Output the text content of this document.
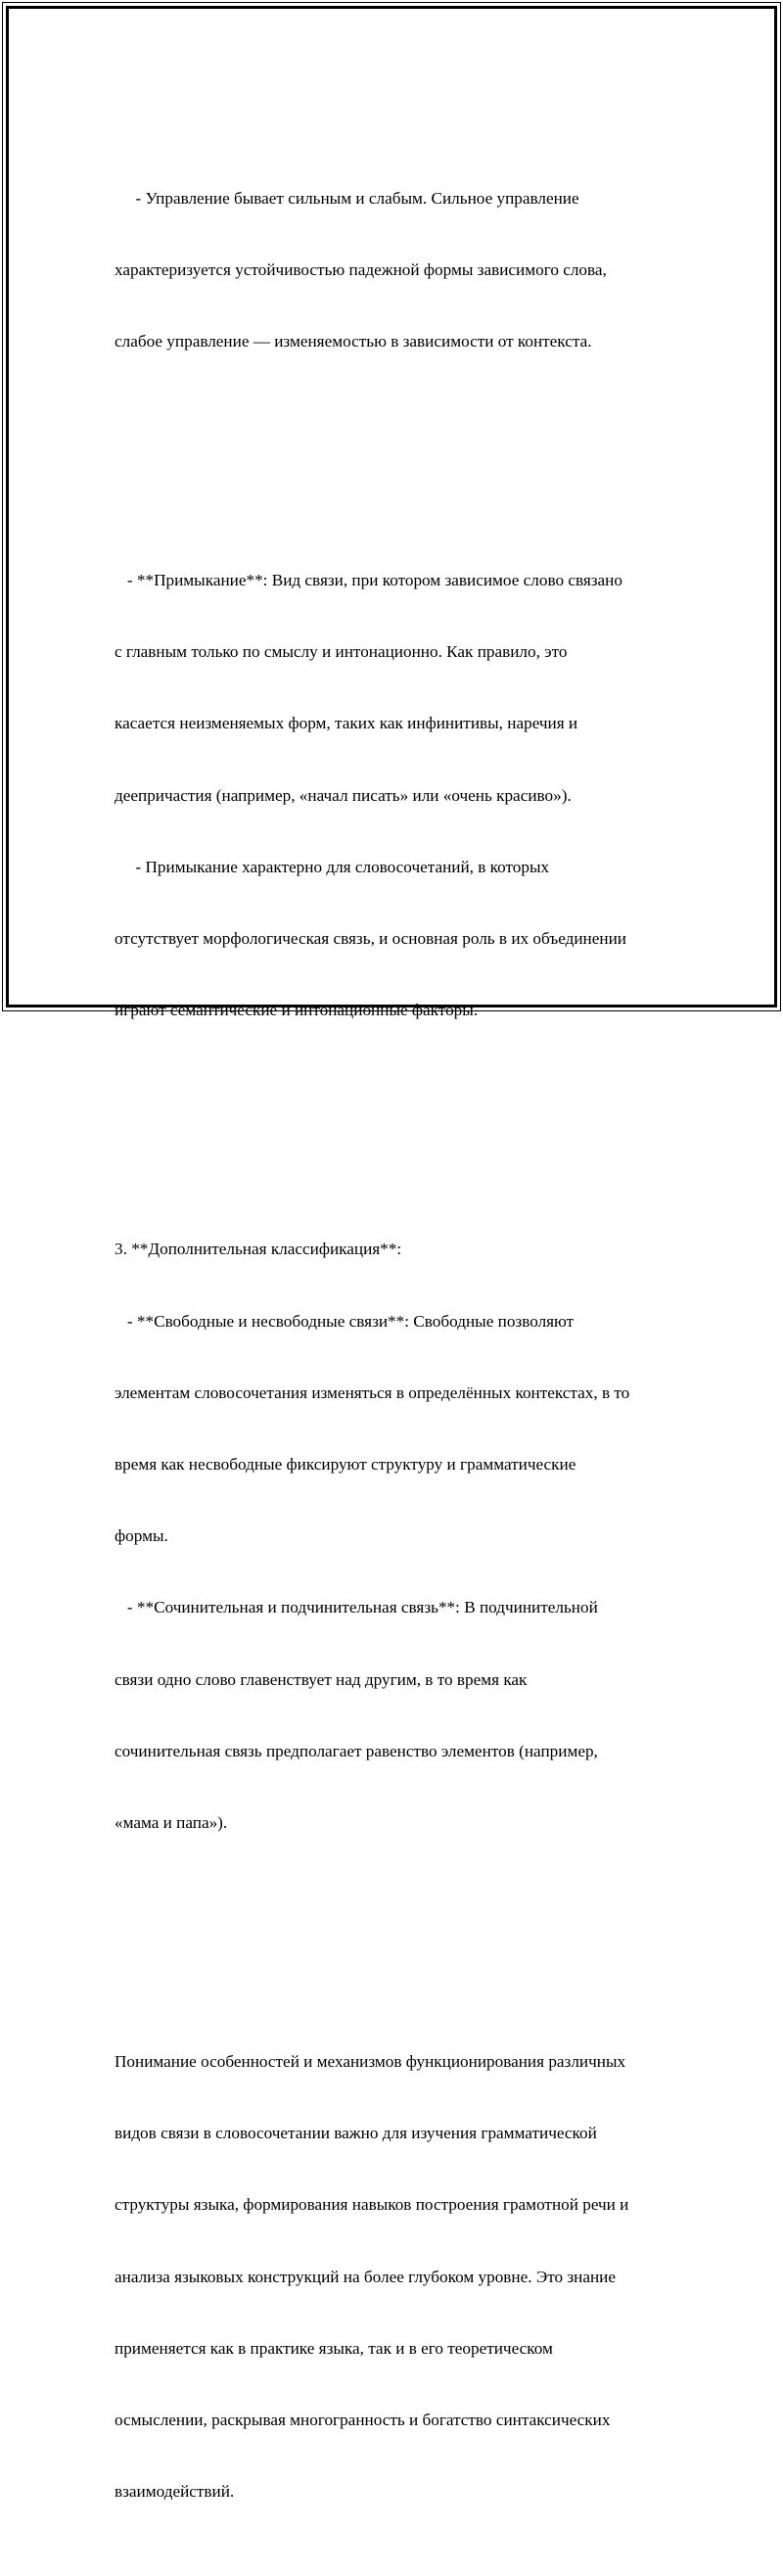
- Управление бывает сильным и слабым. Сильное управление

характеризуется устойчивостью падежной формы зависимого слова,

слабое управление — изменяемостью в зависимости от контекста.

- **Примыкание**: Вид связи, при котором зависимое слово связано

с главным только по смыслу и интонационно. Как правило, это

касается неизменяемых форм, таких как инфинитивы, наречия и

деепричастия (например, «начал писать» или «очень красиво»).

- Примыкание характерно для словосочетаний, в которых

отсутствует морфологическая связь, и основная роль в их объединении

играют семантические и интонационные факторы.

3. **Дополнительная классификация**:

- **Свободные и несвободные связи**: Свободные позволяют

элементам словосочетания изменяться в определённых контекстах, в то

время как несвободные фиксируют структуру и грамматические

формы.

- **Сочинительная и подчинительная связь**: В подчинительной

связи одно слово главенствует над другим, в то время как

сочинительная связь предполагает равенство элементов (например,

«мама и папа»).

Понимание особенностей и механизмов функционирования различных

видов связи в словосочетании важно для изучения грамматической

структуры языка, формирования навыков построения грамотной речи и

анализа языковых конструкций на более глубоком уровне. Это знание

применяется как в практике языка, так и в его теоретическом

осмыслении, раскрывая многогранность и богатство синтаксических

взаимодействий.
